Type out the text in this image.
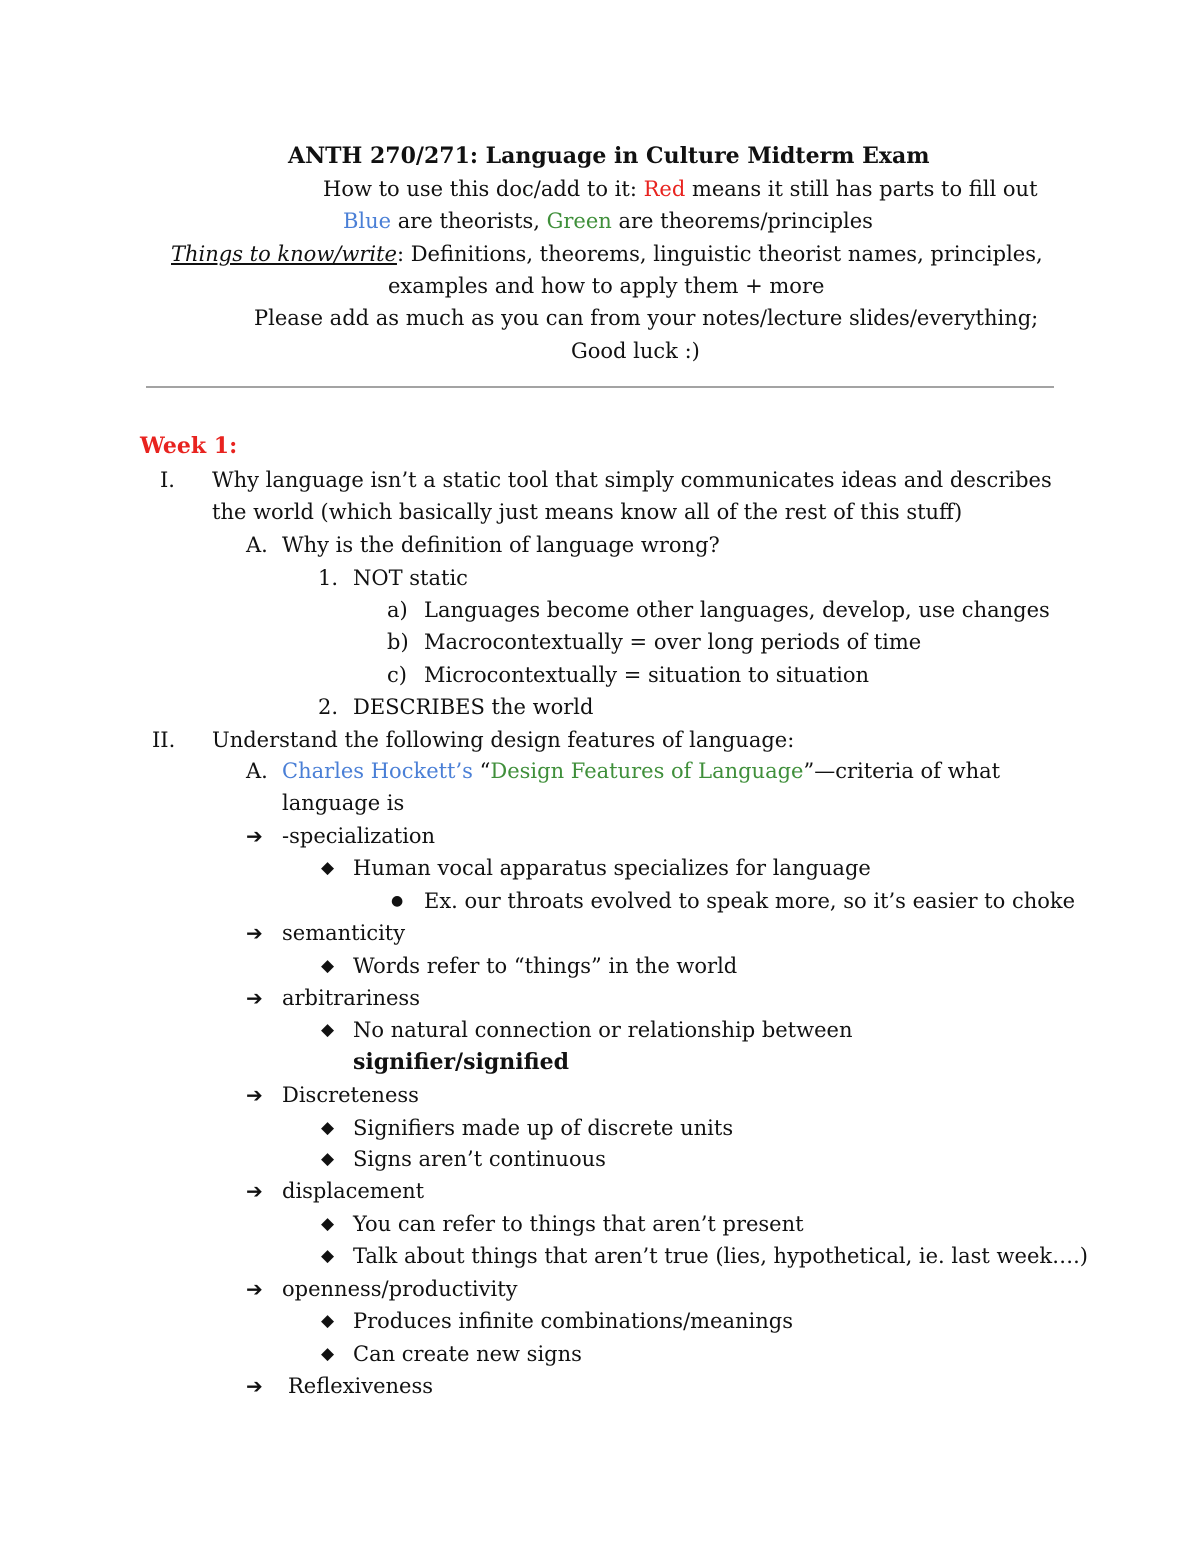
ANTH 270/271: Language in Culture Midterm Exam
How to use this doc/add to it: Red means it still has parts to fill out
Blue are theorists, Green are theorems/principles
Things to know/write: Definitions, theorems, linguistic theorist names, principles,
examples and how to apply them + more
Please add as much as you can from your notes/lecture slides/everything;
Good luck :)
Week 1:
I. Why language isn’t a static tool that simply communicates ideas and describes
the world (which basically just means know all of the rest of this stuff)
A. Why is the definition of language wrong?
1. NOT static
a) Languages become other languages, develop, use changes
b) Macrocontextually = over long periods of time
c) Microcontextually = situation to situation
2. DESCRIBES the world
II. Understand the following design features of language:
A. Charles Hockett’s “Design Features of Language”—criteria of what
language is
➔ -specialization
◆ Human vocal apparatus specializes for language
● Ex. our throats evolved to speak more, so it’s easier to choke
➔ semanticity
◆ Words refer to “things” in the world
➔ arbitrariness
◆ No natural connection or relationship between
signifier/signified
➔ Discreteness
◆ Signifiers made up of discrete units
◆ Signs aren’t continuous
➔ displacement
◆ You can refer to things that aren’t present
◆ Talk about things that aren’t true (lies, hypothetical, ie. last week….)
➔ openness/productivity
◆ Produces infinite combinations/meanings
◆ Can create new signs
➔ Reflexiveness
